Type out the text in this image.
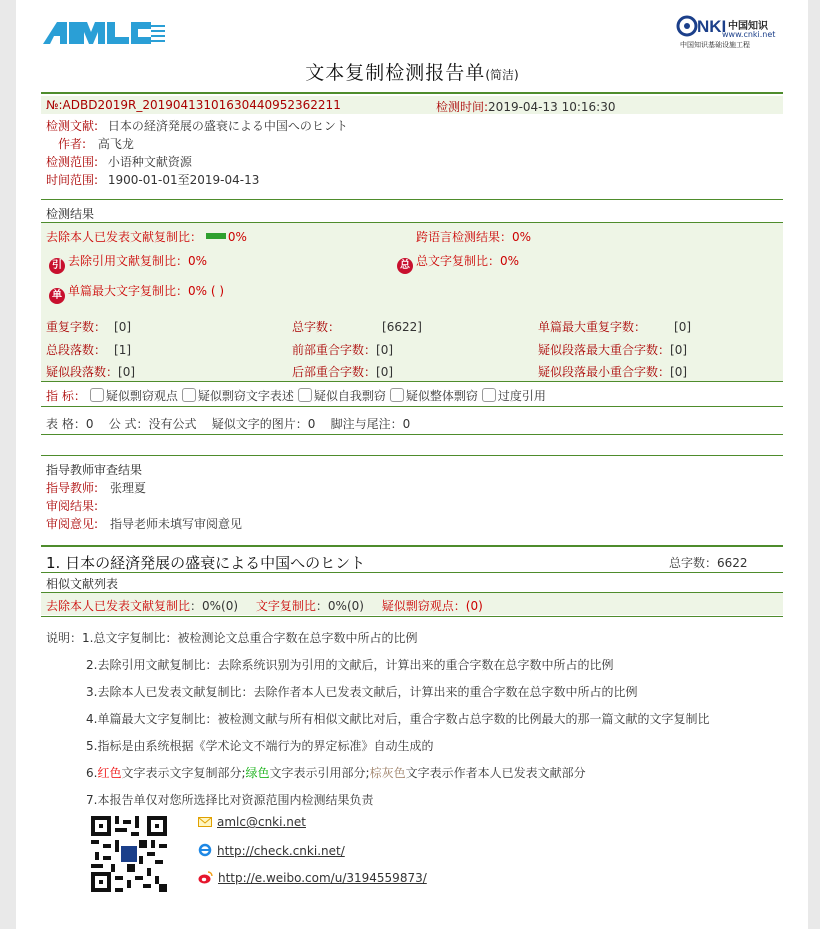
NKI 中国知识
www.cnki.net
中国知识基础设施工程
文本复制检测报告单(简洁)
№:ADBD2019R_20190413101630440952362211	检测时间:2019-04-13 10:16:30
检测文献: 日本の経済発展の盛衰による中国へのヒント
作者: 高飞龙
检测范围: 小语种文献资源
时间范围: 1900-01-01至2019-04-13
检测结果
去除本人已发表文献复制比： 0%	跨语言检测结果：0%
引 去除引用文献复制比：0%	总 总文字复制比：0%
单 单篇最大文字复制比：0% ( )
重复字数： [0]	总字数：	[6622]	单篇最大重复字数： [0]
总段落数： [1]	前部重合字数：[0]	疑似段落最大重合字数：[0]
疑似段落数：[0]	后部重合字数：[0]	疑似段落最小重合字数：[0]
指 标： 疑似剽窃观点 疑似剽窃文字表述 疑似自我剽窃 疑似整体剽窃 过度引用
表 格：0    公 式：没有公式    疑似文字的图片：0    脚注与尾注：0
指导教师审查结果
指导教师: 张理夏
审阅结果:
审阅意见: 指导老师未填写审阅意见
1. 日本の経済発展の盛衰による中国へのヒント	总字数：6622
相似文献列表
去除本人已发表文献复制比：0%(0) 文字复制比：0%(0) 疑似剽窃观点：(0)
说明：1.总文字复制比：被检测论文总重合字数在总字数中所占的比例
2.去除引用文献复制比：去除系统识别为引用的文献后，计算出来的重合字数在总字数中所占的比例
3.去除本人已发表文献复制比：去除作者本人已发表文献后，计算出来的重合字数在总字数中所占的比例
4.单篇最大文字复制比：被检测文献与所有相似文献比对后，重合字数占总字数的比例最大的那一篇文献的文字复制比
5.指标是由系统根据《学术论文不端行为的界定标准》自动生成的
6.红色文字表示文字复制部分;绿色文字表示引用部分;棕灰色文字表示作者本人已发表文献部分
7.本报告单仅对您所选择比对资源范围内检测结果负责
amlc@cnki.net
http://check.cnki.net/
http://e.weibo.com/u/3194559873/
